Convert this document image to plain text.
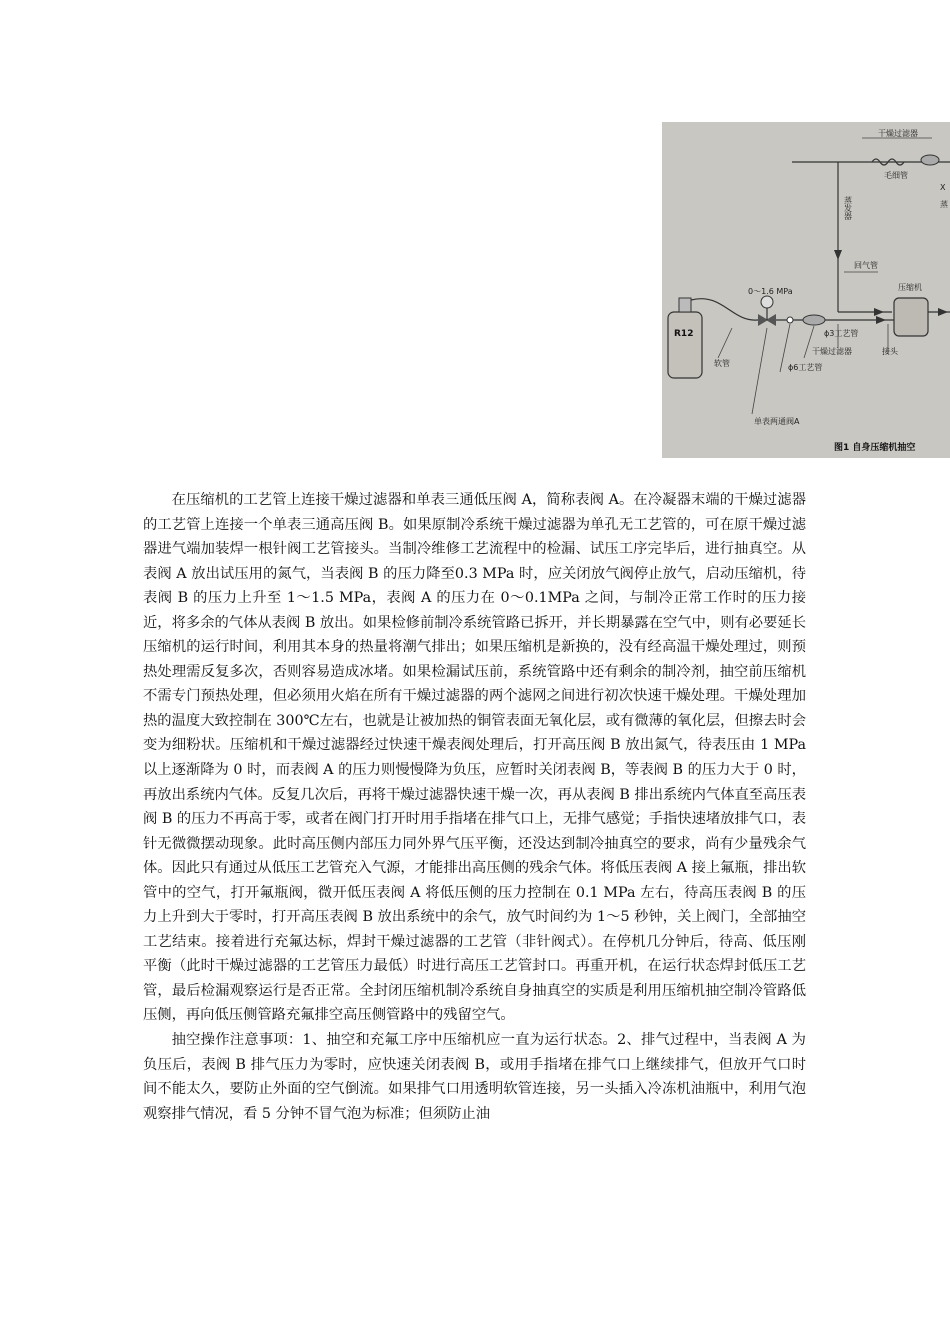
干燥过滤器
毛细管
X
蒸
蒸发器
回气管
压缩机
R12
软管
0～1.6 MPa
ϕ3工艺管
干燥过滤器
ϕ6工艺管
接头
单表两通阀A
图1 自身压缩机抽空

在压缩机的工艺管上连接干燥过滤器和单表三通低压阀 A，简称表阀 A。在冷凝器末端的干燥过滤器的工艺管上连接一个单表三通高压阀 B。如果原制冷系统干燥过滤器为单孔无工艺管的，可在原干燥过滤器进气端加装焊一根针阀工艺管接头。当制冷维修工艺流程中的检漏、试压工序完毕后，进行抽真空。从表阀 A 放出试压用的氮气，当表阀 B 的压力降至0.3 MPa 时，应关闭放气阀停止放气，启动压缩机，待表阀 B 的压力上升至 1～1.5 MPa，表阀 A 的压力在 0～0.1MPa 之间，与制冷正常工作时的压力接近，将多余的气体从表阀 B 放出。如果检修前制冷系统管路已拆开，并长期暴露在空气中，则有必要延长压缩机的运行时间，利用其本身的热量将潮气排出；如果压缩机是新换的，没有经高温干燥处理过，则预热处理需反复多次，否则容易造成冰堵。如果检漏试压前，系统管路中还有剩余的制冷剂，抽空前压缩机不需专门预热处理，但必须用火焰在所有干燥过滤器的两个滤网之间进行初次快速干燥处理。干燥处理加热的温度大致控制在 300℃左右，也就是让被加热的铜管表面无氧化层，或有微薄的氧化层，但擦去时会变为细粉状。压缩机和干燥过滤器经过快速干燥表阀处理后，打开高压阀 B 放出氮气，待表压由 1 MPa 以上逐渐降为 0 时，而表阀 A 的压力则慢慢降为负压，应暂时关闭表阀 B，等表阀 B 的压力大于 0 时，再放出系统内气体。反复几次后，再将干燥过滤器快速干燥一次，再从表阀 B 排出系统内气体直至高压表阀 B 的压力不再高于零，或者在阀门打开时用手指堵在排气口上，无排气感觉；手指快速堵放排气口，表针无微微摆动现象。此时高压侧内部压力同外界气压平衡，还没达到制冷抽真空的要求，尚有少量残余气体。因此只有通过从低压工艺管充入气源，才能排出高压侧的残余气体。将低压表阀 A 接上氟瓶，排出软管中的空气，打开氟瓶阀，微开低压表阀 A 将低压侧的压力控制在 0.1 MPa 左右，待高压表阀 B 的压力上升到大于零时，打开高压表阀 B 放出系统中的余气，放气时间约为 1～5 秒钟，关上阀门，全部抽空工艺结束。接着进行充氟达标，焊封干燥过滤器的工艺管（非针阀式）。在停机几分钟后，待高、低压刚平衡（此时干燥过滤器的工艺管压力最低）时进行高压工艺管封口。再重开机，在运行状态焊封低压工艺管，最后检漏观察运行是否正常。全封闭压缩机制冷系统自身抽真空的实质是利用压缩机抽空制冷管路低压侧，再向低压侧管路充氟排空高压侧管路中的残留空气。

抽空操作注意事项：1、抽空和充氟工序中压缩机应一直为运行状态。2、排气过程中，当表阀 A 为负压后，表阀 B 排气压力为零时，应快速关闭表阀 B，或用手指堵在排气口上继续排气，但放开气口时间不能太久，要防止外面的空气倒流。如果排气口用透明软管连接，另一头插入冷冻机油瓶中，利用气泡观察排气情况，看 5 分钟不冒气泡为标准；但须防止油
